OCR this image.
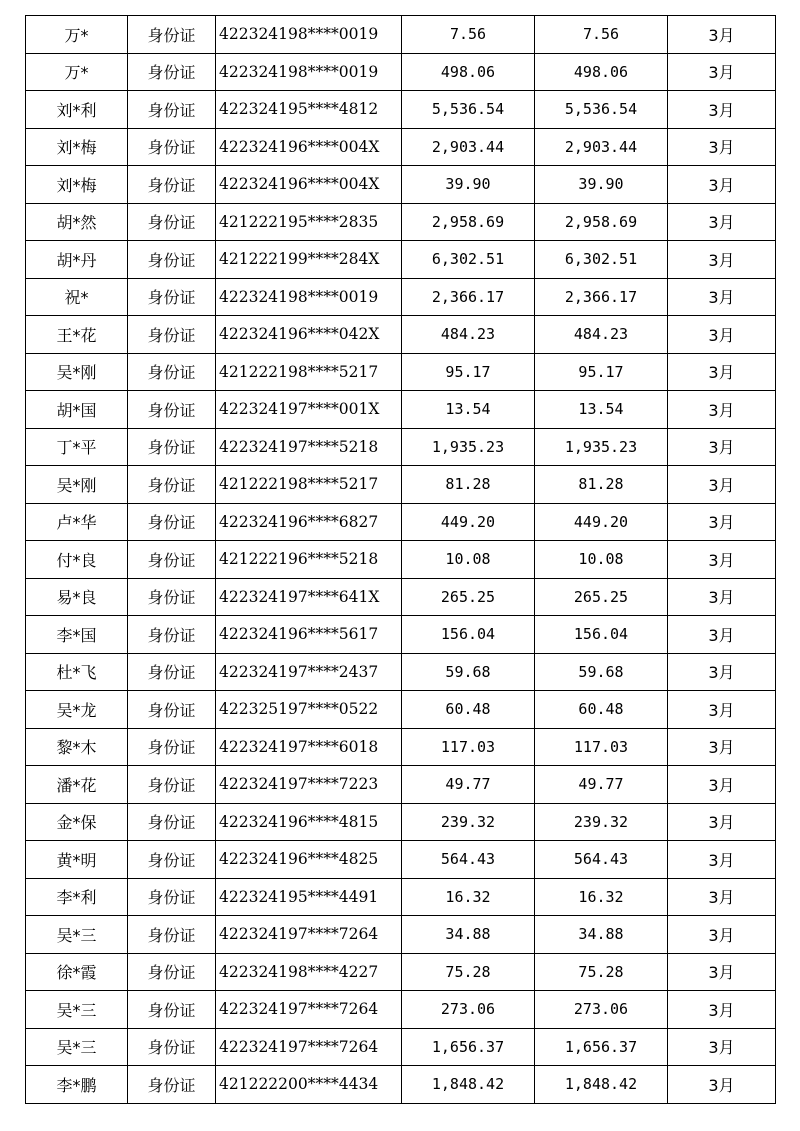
万*	身份证	422324198****0019	7.56	7.56	3月
万*	身份证	422324198****0019	498.06	498.06	3月
刘*利	身份证	422324195****4812	5,536.54	5,536.54	3月
刘*梅	身份证	422324196****004X	2,903.44	2,903.44	3月
刘*梅	身份证	422324196****004X	39.90	39.90	3月
胡*然	身份证	421222195****2835	2,958.69	2,958.69	3月
胡*丹	身份证	421222199****284X	6,302.51	6,302.51	3月
祝*	身份证	422324198****0019	2,366.17	2,366.17	3月
王*花	身份证	422324196****042X	484.23	484.23	3月
吴*刚	身份证	421222198****5217	95.17	95.17	3月
胡*国	身份证	422324197****001X	13.54	13.54	3月
丁*平	身份证	422324197****5218	1,935.23	1,935.23	3月
吴*刚	身份证	421222198****5217	81.28	81.28	3月
卢*华	身份证	422324196****6827	449.20	449.20	3月
付*良	身份证	421222196****5218	10.08	10.08	3月
易*良	身份证	422324197****641X	265.25	265.25	3月
李*国	身份证	422324196****5617	156.04	156.04	3月
杜*飞	身份证	422324197****2437	59.68	59.68	3月
吴*龙	身份证	422325197****0522	60.48	60.48	3月
黎*木	身份证	422324197****6018	117.03	117.03	3月
潘*花	身份证	422324197****7223	49.77	49.77	3月
金*保	身份证	422324196****4815	239.32	239.32	3月
黄*明	身份证	422324196****4825	564.43	564.43	3月
李*利	身份证	422324195****4491	16.32	16.32	3月
吴*三	身份证	422324197****7264	34.88	34.88	3月
徐*霞	身份证	422324198****4227	75.28	75.28	3月
吴*三	身份证	422324197****7264	273.06	273.06	3月
吴*三	身份证	422324197****7264	1,656.37	1,656.37	3月
李*鹏	身份证	421222200****4434	1,848.42	1,848.42	3月
